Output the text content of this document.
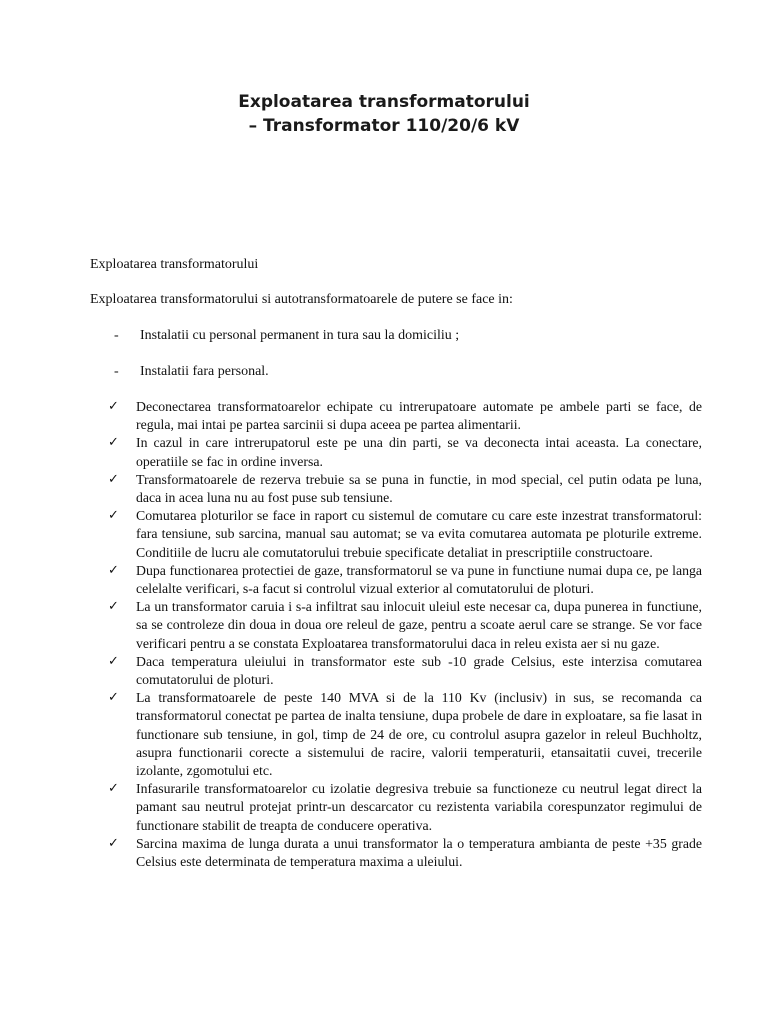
Exploatarea transformatorului
– Transformator 110/20/6 kV

Exploatarea transformatorului

Exploatarea transformatorului si autotransformatoarele de putere se face in:

- Instalatii cu personal permanent in tura sau la domiciliu ;
- Instalatii fara personal.
✓ Deconectarea transformatoarelor echipate cu intrerupatoare automate pe ambele parti se face, de regula, mai intai pe partea sarcinii si dupa aceea pe partea alimentarii.
✓ In cazul in care intrerupatorul este pe una din parti, se va deconecta intai aceasta. La conectare, operatiile se fac in ordine inversa.
✓ Transformatoarele de rezerva trebuie sa se puna in functie, in mod special, cel putin odata pe luna, daca in acea luna nu au fost puse sub tensiune.
✓ Comutarea ploturilor se face in raport cu sistemul de comutare cu care este inzestrat transformatorul: fara tensiune, sub sarcina, manual sau automat; se va evita comutarea automata pe ploturile extreme. Conditiile de lucru ale comutatorului trebuie specificate detaliat in prescriptiile constructoare.
✓ Dupa functionarea protectiei de gaze, transformatorul se va pune in functiune numai dupa ce, pe langa celelalte verificari, s-a facut si controlul vizual exterior al comutatorului de ploturi.
✓ La un transformator caruia i s-a infiltrat sau inlocuit uleiul este necesar ca, dupa punerea in functiune, sa se controleze din doua in doua ore releul de gaze, pentru a scoate aerul care se strange. Se vor face verificari pentru a se constata Exploatarea transformatorului daca in releu exista aer si nu gaze.
✓ Daca temperatura uleiului in transformator este sub -10 grade Celsius, este interzisa comutarea comutatorului de ploturi.
✓ La transformatoarele de peste 140 MVA si de la 110 Kv (inclusiv) in sus, se recomanda ca transformatorul conectat pe partea de inalta tensiune, dupa probele de dare in exploatare, sa fie lasat in functionare sub tensiune, in gol, timp de 24 de ore, cu controlul asupra gazelor in releul Buchholtz, asupra functionarii corecte a sistemului de racire, valorii temperaturii, etansaitatii cuvei, trecerile izolante, zgomotului etc.
✓ Infasurarile transformatoarelor cu izolatie degresiva trebuie sa functioneze cu neutrul legat direct la pamant sau neutrul protejat printr-un descarcator cu rezistenta variabila corespunzator regimului de functionare stabilit de treapta de conducere operativa.
✓ Sarcina maxima de lunga durata a unui transformator la o temperatura ambianta de peste +35 grade Celsius este determinata de temperatura maxima a uleiului.
